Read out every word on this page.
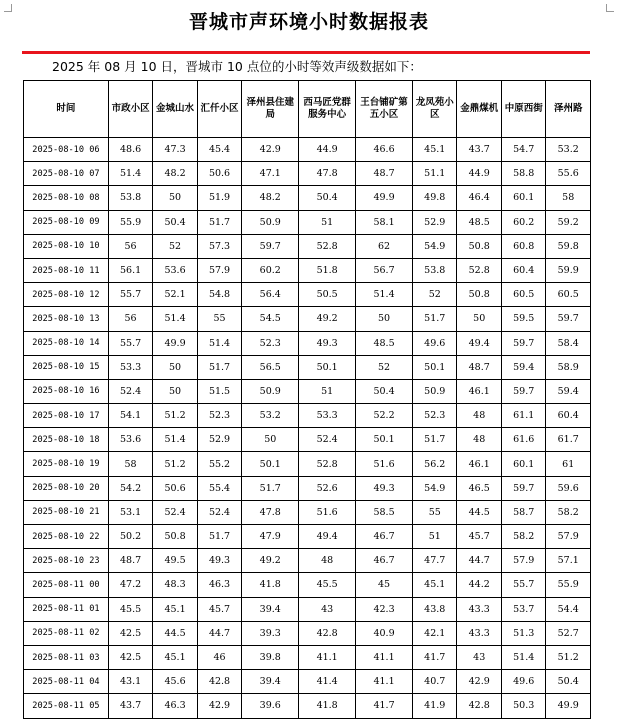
晋城市声环境小时数据报表
2025 年 08 月 10 日，晋城市 10 点位的小时等效声级数据如下：
时间	市政小区	金城山水	汇仟小区	泽州县住建局	西马匠党群服务中心	王台铺矿第五小区	龙凤苑小区	金鼎煤机	中原西街	泽州路
2025-08-10 06	48.6	47.3	45.4	42.9	44.9	46.6	45.1	43.7	54.7	53.2
2025-08-10 07	51.4	48.2	50.6	47.1	47.8	48.7	51.1	44.9	58.8	55.6
2025-08-10 08	53.8	50	51.9	48.2	50.4	49.9	49.8	46.4	60.1	58
2025-08-10 09	55.9	50.4	51.7	50.9	51	58.1	52.9	48.5	60.2	59.2
2025-08-10 10	56	52	57.3	59.7	52.8	62	54.9	50.8	60.8	59.8
2025-08-10 11	56.1	53.6	57.9	60.2	51.8	56.7	53.8	52.8	60.4	59.9
2025-08-10 12	55.7	52.1	54.8	56.4	50.5	51.4	52	50.8	60.5	60.5
2025-08-10 13	56	51.4	55	54.5	49.2	50	51.7	50	59.5	59.7
2025-08-10 14	55.7	49.9	51.4	52.3	49.3	48.5	49.6	49.4	59.7	58.4
2025-08-10 15	53.3	50	51.7	56.5	50.1	52	50.1	48.7	59.4	58.9
2025-08-10 16	52.4	50	51.5	50.9	51	50.4	50.9	46.1	59.7	59.4
2025-08-10 17	54.1	51.2	52.3	53.2	53.3	52.2	52.3	48	61.1	60.4
2025-08-10 18	53.6	51.4	52.9	50	52.4	50.1	51.7	48	61.6	61.7
2025-08-10 19	58	51.2	55.2	50.1	52.8	51.6	56.2	46.1	60.1	61
2025-08-10 20	54.2	50.6	55.4	51.7	52.6	49.3	54.9	46.5	59.7	59.6
2025-08-10 21	53.1	52.4	52.4	47.8	51.6	58.5	55	44.5	58.7	58.2
2025-08-10 22	50.2	50.8	51.7	47.9	49.4	46.7	51	45.7	58.2	57.9
2025-08-10 23	48.7	49.5	49.3	49.2	48	46.7	47.7	44.7	57.9	57.1
2025-08-11 00	47.2	48.3	46.3	41.8	45.5	45	45.1	44.2	55.7	55.9
2025-08-11 01	45.5	45.1	45.7	39.4	43	42.3	43.8	43.3	53.7	54.4
2025-08-11 02	42.5	44.5	44.7	39.3	42.8	40.9	42.1	43.3	51.3	52.7
2025-08-11 03	42.5	45.1	46	39.8	41.1	41.1	41.7	43	51.4	51.2
2025-08-11 04	43.1	45.6	42.8	39.4	41.4	41.1	40.7	42.9	49.6	50.4
2025-08-11 05	43.7	46.3	42.9	39.6	41.8	41.7	41.9	42.8	50.3	49.9
